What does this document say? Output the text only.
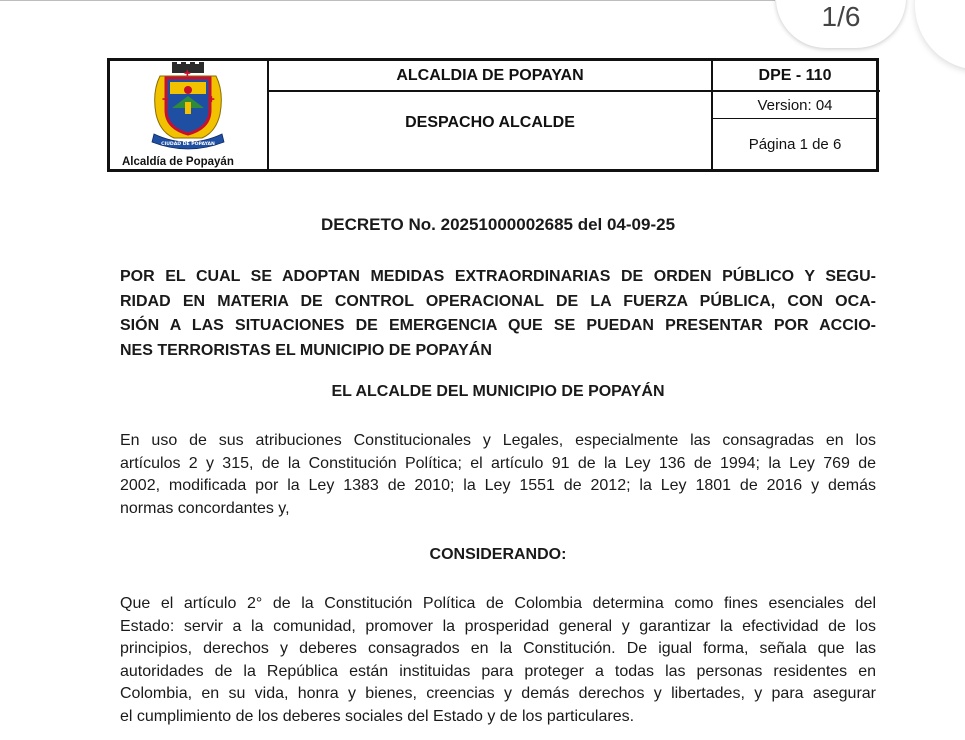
1/6
✚	✚
✚
CIUDAD DE POPAYAN
Alcaldía de Popayán
ALCALDIA DE POPAYAN
DESPACHO ALCALDE
DPE - 110
Version: 04
Página 1 de 6
DECRETO No. 20251000002685 del 04-09-25
POR EL CUAL SE ADOPTAN MEDIDAS EXTRAORDINARIAS DE ORDEN PÚBLICO Y SEGU-
RIDAD EN MATERIA DE CONTROL OPERACIONAL DE LA FUERZA PÚBLICA, CON OCA-
SIÓN A LAS SITUACIONES DE EMERGENCIA QUE SE PUEDAN PRESENTAR POR ACCIO-
NES TERRORISTAS EL MUNICIPIO DE POPAYÁN
EL ALCALDE DEL MUNICIPIO DE POPAYÁN
En uso de sus atribuciones Constitucionales y Legales, especialmente las consagradas en los
artículos 2 y 315, de la Constitución Política; el artículo 91 de la Ley 136 de 1994; la Ley 769 de
2002, modificada por la Ley 1383 de 2010; la Ley 1551 de 2012; la Ley 1801 de 2016 y demás
normas concordantes y,
CONSIDERANDO:
Que el artículo 2° de la Constitución Política de Colombia determina como fines esenciales del
Estado: servir a la comunidad, promover la prosperidad general y garantizar la efectividad de los
principios, derechos y deberes consagrados en la Constitución. De igual forma, señala que las
autoridades de la República están instituidas para proteger a todas las personas residentes en
Colombia, en su vida, honra y bienes, creencias y demás derechos y libertades, y para asegurar
el cumplimiento de los deberes sociales del Estado y de los particulares.
